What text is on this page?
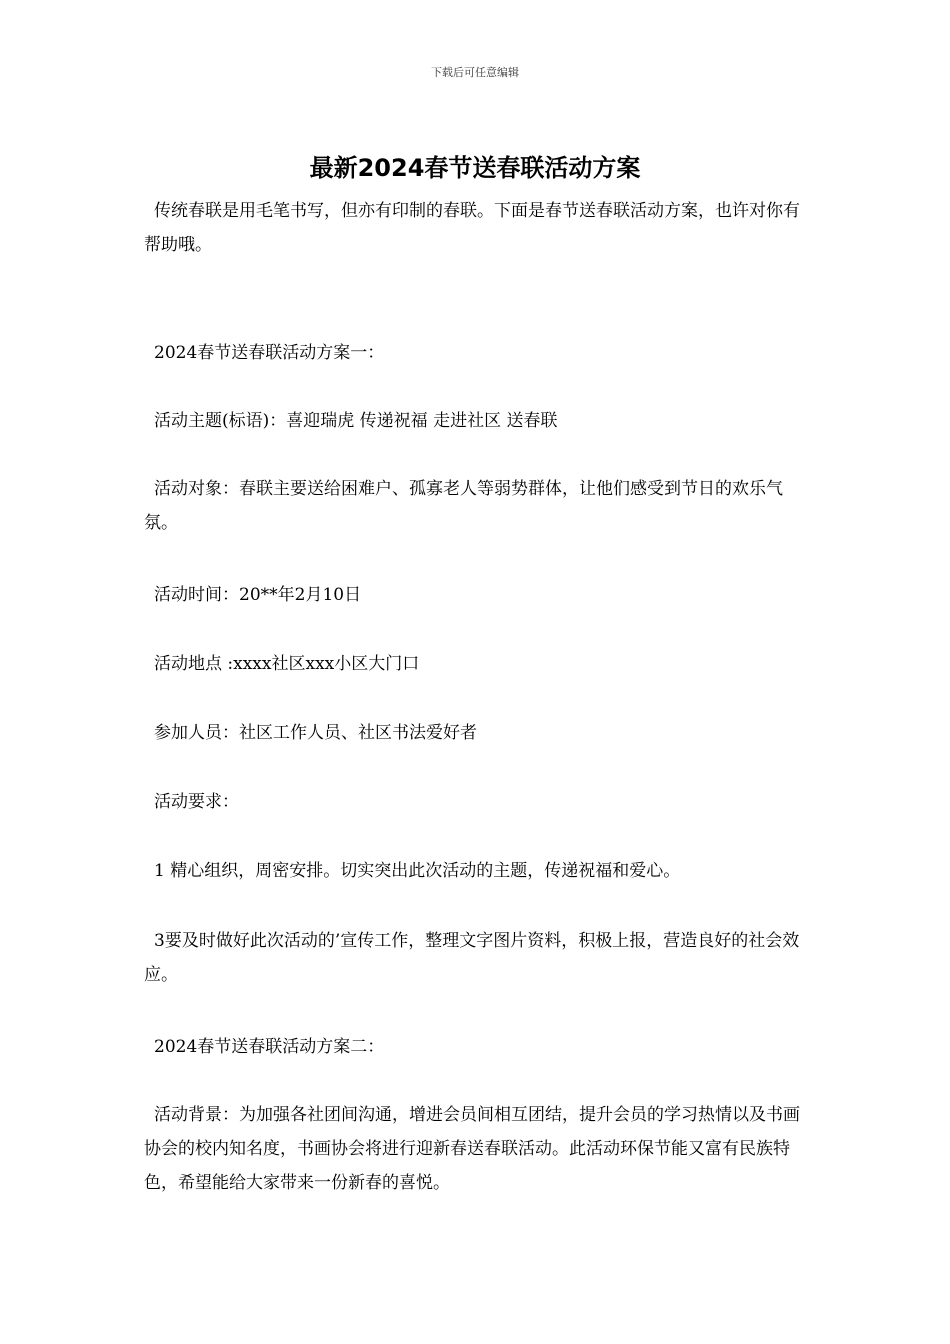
下载后可任意编辑
最新2024春节送春联活动方案

传统春联是用毛笔书写，但亦有印制的春联。下面是春节送春联活动方案，也许对你有帮助哦。

2024春节送春联活动方案一：

活动主题(标语)：喜迎瑞虎 传递祝福 走进社区 送春联

活动对象：春联主要送给困难户、孤寡老人等弱势群体，让他们感受到节日的欢乐气氛。

活动时间：20**年2月10日

活动地点 :xxxx社区xxx小区大门口

参加人员：社区工作人员、社区书法爱好者

活动要求：

1 精心组织，周密安排。切实突出此次活动的主题，传递祝福和爱心。

3要及时做好此次活动的’宣传工作，整理文字图片资料，积极上报，营造良好的社会效应。

2024春节送春联活动方案二：

活动背景：为加强各社团间沟通，增进会员间相互团结，提升会员的学习热情以及书画协会的校内知名度，书画协会将进行迎新春送春联活动。此活动环保节能又富有民族特色，希望能给大家带来一份新春的喜悦。
